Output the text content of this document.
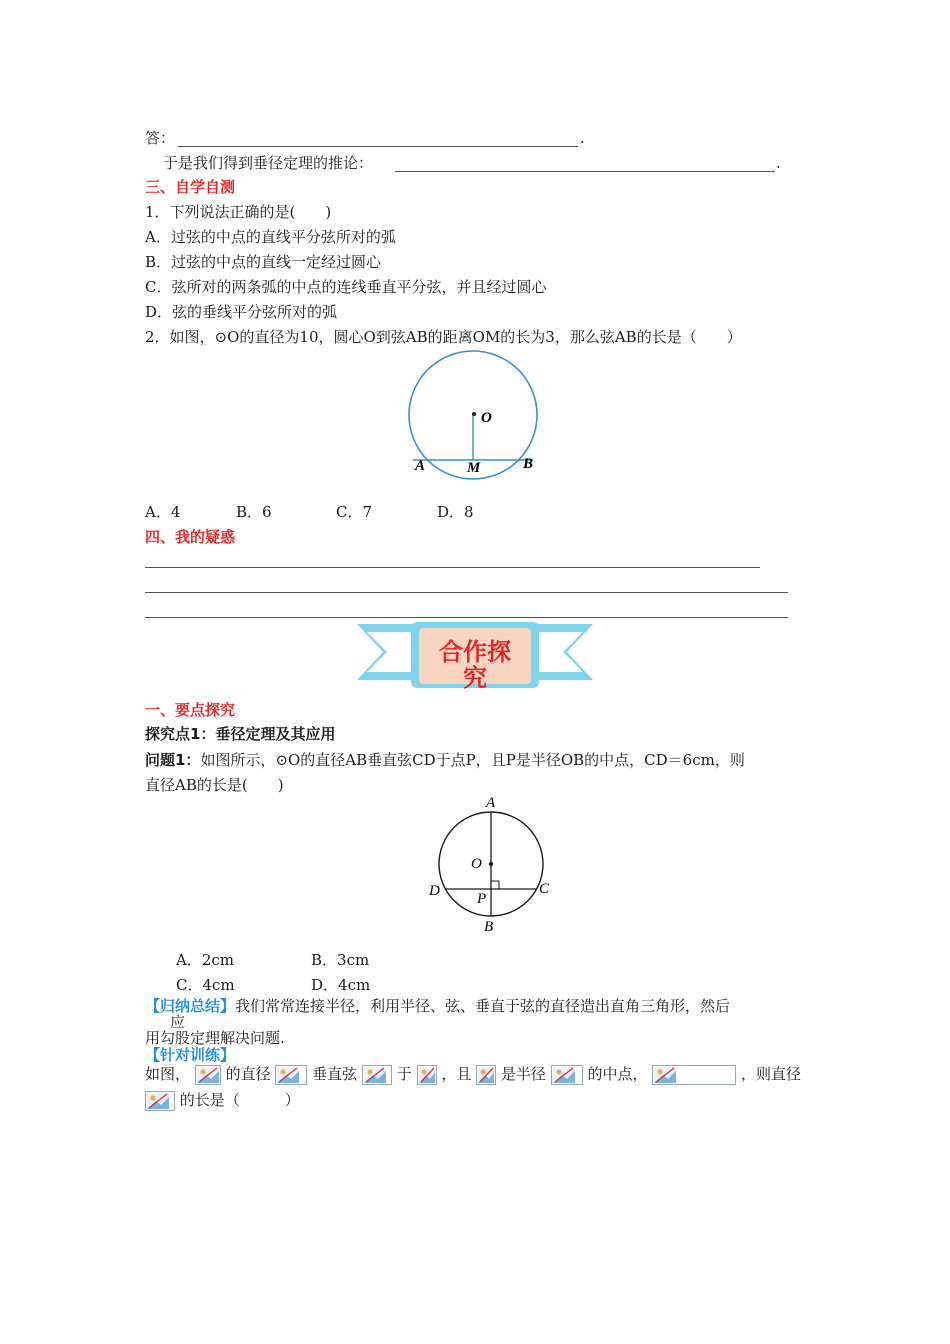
答：	.
于是我们得到垂径定理的推论：	.
三、自学自测
1．下列说法正确的是(　　)
A．过弦的中点的直线平分弦所对的弧
B．过弦的中点的直线一定经过圆心
C．弦所对的两条弧的中点的连线垂直平分弦，并且经过圆心
D．弦的垂线平分弦所对的弧
2．如图，⊙O的直径为10，圆心O到弦AB的距离OM的长为3，那么弦AB的长是（　　）
O
A	M	B
A．4	B．6	C．7	D．8
四、我的疑惑
合作探
究
一、要点探究
探究点1：垂径定理及其应用
问题1：如图所示，⊙O的直径AB垂直弦CD于点P，且P是半径OB的中点，CD＝6cm，则
直径AB的长是(　　)
A
O
D P
C
B
A．2cm	B．3cm
C．4cm	D．4cm
【归纳总结】我们常常连接半径，利用半径、弦、垂直于弦的直径造出直角三角形，然后
应
用勾股定理解决问题.
【针对训练】
如图， 的直径	垂直弦	于 ，且 是半径	的中点，	，则直径
的长是（　　　）
